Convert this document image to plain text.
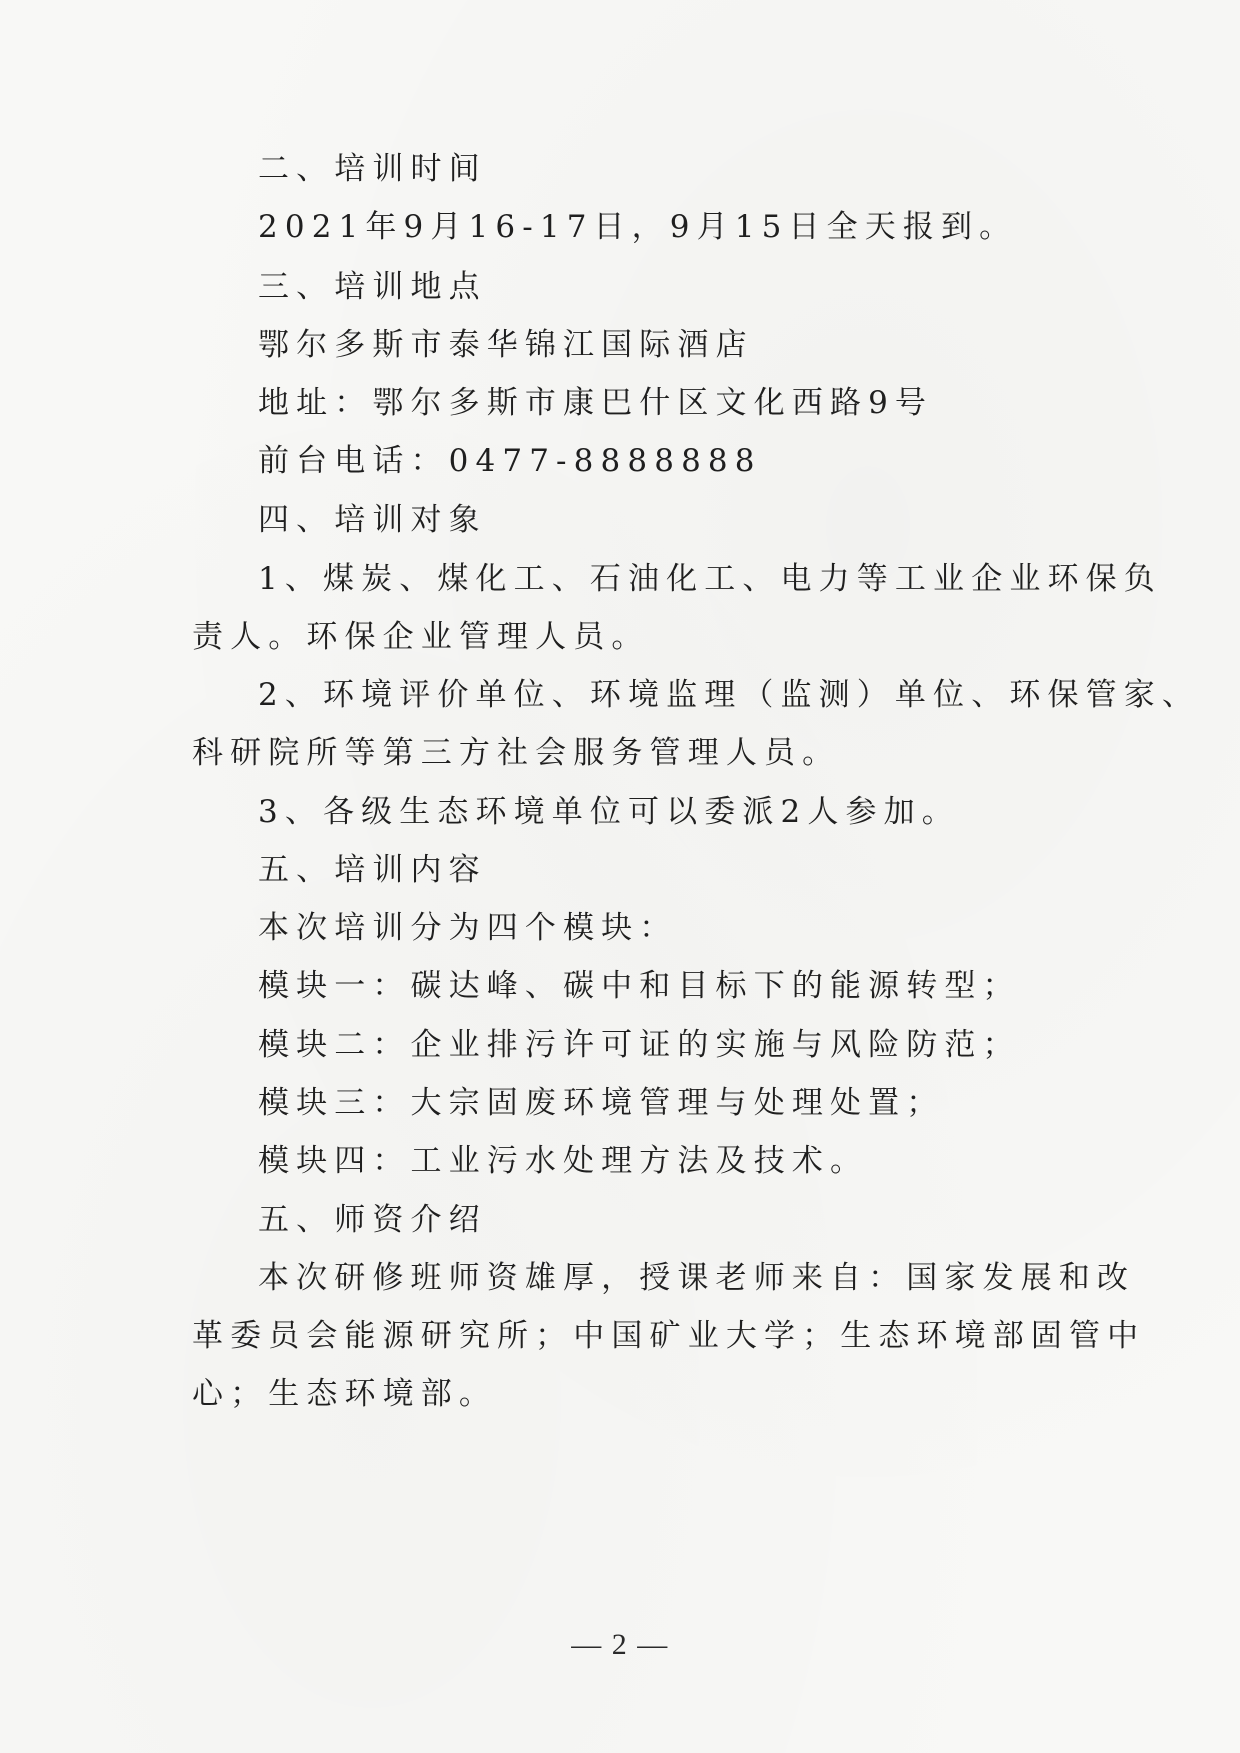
二、培训时间
2021年9月16-17日，9月15日全天报到。
三、培训地点
鄂尔多斯市泰华锦江国际酒店
地址：鄂尔多斯市康巴什区文化西路9号
前台电话：0477-8888888
四、培训对象
1、煤炭、煤化工、石油化工、电力等工业企业环保负
责人。环保企业管理人员。
2、环境评价单位、环境监理（监测）单位、环保管家、
科研院所等第三方社会服务管理人员。
3、各级生态环境单位可以委派2人参加。
五、培训内容
本次培训分为四个模块：
模块一：碳达峰、碳中和目标下的能源转型；
模块二：企业排污许可证的实施与风险防范；
模块三：大宗固废环境管理与处理处置；
模块四：工业污水处理方法及技术。
五、师资介绍
本次研修班师资雄厚，授课老师来自：国家发展和改
革委员会能源研究所；中国矿业大学；生态环境部固管中
心；生态环境部。
— 2 —
